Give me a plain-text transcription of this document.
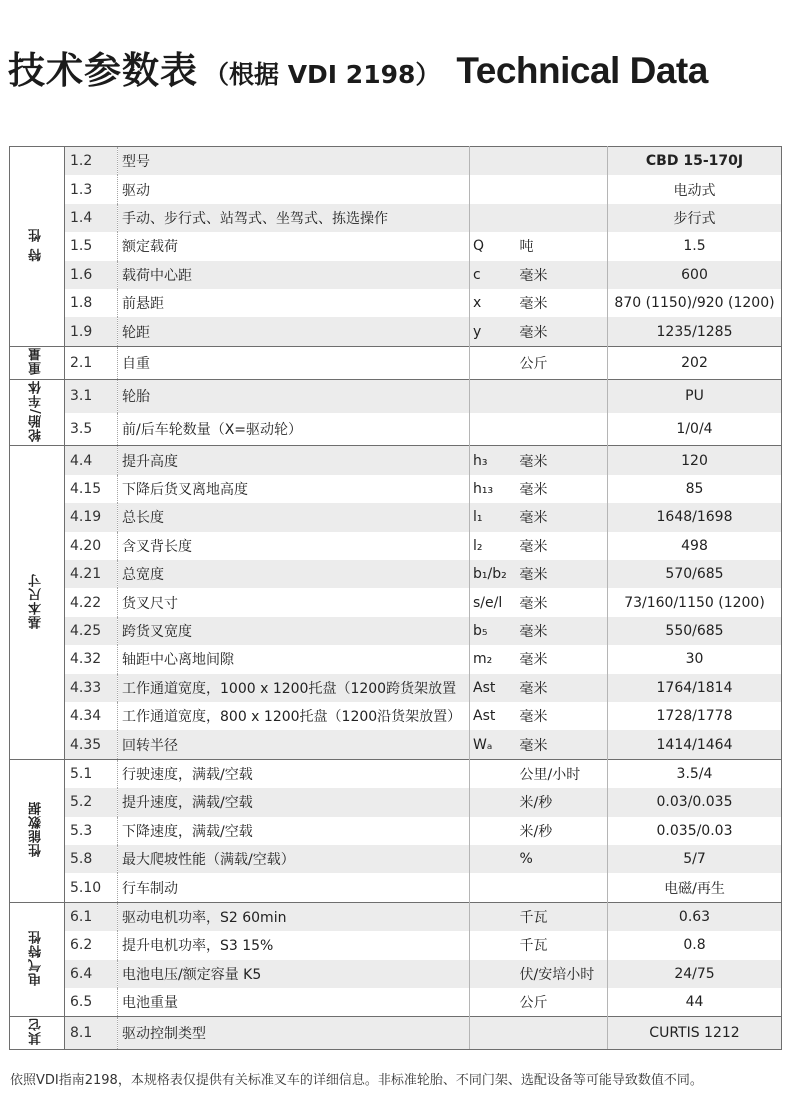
技术参数表 （根据 VDI 2198） Technical Data
特 性	1.2	型号			CBD 15-170J
	1.3	驱动			电动式
	1.4	手动、步行式、站驾式、坐驾式、拣选操作			步行式
	1.5	额定载荷	Q	吨	1.5
	1.6	载荷中心距	c	毫米	600
	1.8	前悬距	x	毫米	870 (1150)/920 (1200)
	1.9	轮距	y	毫米	1235/1285
重量	2.1	自重		公斤	202
轮胎/车体	3.1	轮胎			PU
	3.5	前/后车轮数量（X=驱动轮）			1/0/4
基本尺寸	4.4	提升高度	h₃	毫米	120
	4.15	下降后货叉离地高度	h₁₃	毫米	85
	4.19	总长度	l₁	毫米	1648/1698
	4.20	含叉背长度	l₂	毫米	498
	4.21	总宽度	b₁/b₂	毫米	570/685
	4.22	货叉尺寸	s/e/l	毫米	73/160/1150 (1200)
	4.25	跨货叉宽度	b₅	毫米	550/685
	4.32	轴距中心离地间隙	m₂	毫米	30
	4.33	工作通道宽度，1000 x 1200托盘（1200跨货架放置	Ast	毫米	1764/1814
	4.34	工作通道宽度，800 x 1200托盘（1200沿货架放置）	Ast	毫米	1728/1778
	4.35	回转半径	Wₐ	毫米	1414/1464
性能数据	5.1	行驶速度，满载/空载		公里/小时	3.5/4
	5.2	提升速度，满载/空载		米/秒	0.03/0.035
	5.3	下降速度，满载/空载		米/秒	0.035/0.03
	5.8	最大爬坡性能（满载/空载）		%	5/7
	5.10	行车制动			电磁/再生
电气特性	6.1	驱动电机功率，S2 60min		千瓦	0.63
	6.2	提升电机功率，S3 15%		千瓦	0.8
	6.4	电池电压/额定容量 K5		伏/安培小时	24/75
	6.5	电池重量		公斤	44
其它	8.1	驱动控制类型			CURTIS 1212
依照VDI指南2198，本规格表仅提供有关标准叉车的详细信息。非标准轮胎、不同门架、选配设备等可能导致数值不同。
